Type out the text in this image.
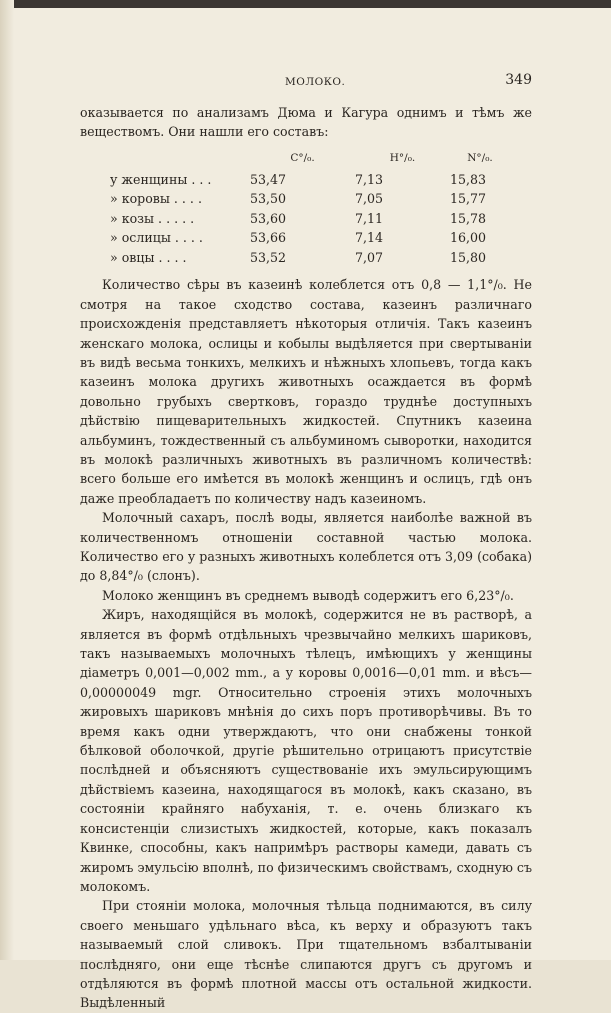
МОЛОКО.	349

оказывается по анализамъ Дюма и Кагура однимъ и тѣмъ же веществомъ. Они нашли его составъ:

	C°/₀.	H°/₀.	N°/₀.
у женщины . . .	53,47	7,13	15,83
» коровы . . . .	53,50	7,05	15,77
» козы . . . . .	53,60	7,11	15,78
» ослицы . . . .	53,66	7,14	16,00
» овцы . . . .	53,52	7,07	15,80

Количество сѣры въ казеинѣ колеблется отъ 0,8 — 1,1°/₀. Не смотря на такое сходство состава, казеинъ различнаго происхожденія представляетъ нѣкоторыя отличія. Такъ казеинъ женскаго молока, ослицы и кобылы выдѣляется при свертываніи въ видѣ весьма тонкихъ, мелкихъ и нѣжныхъ хлопьевъ, тогда какъ казеинъ молока другихъ животныхъ осаждается въ формѣ довольно грубыхъ свертковъ, гораздо труднѣе доступныхъ дѣйствію пищеварительныхъ жидкостей. Спутникъ казеина альбуминъ, тождественный съ альбуминомъ сыворотки, находится въ молокѣ различныхъ животныхъ въ различномъ количествѣ: всего больше его имѣется въ молокѣ женщинъ и ослицъ, гдѣ онъ даже преобладаетъ по количеству надъ казеиномъ.

Молочный сахаръ, послѣ воды, является наиболѣе важной въ количественномъ отношеніи составной частью молока. Количество его у разныхъ животныхъ колеблется отъ 3,09 (собака) до 8,84°/₀ (слонъ).

Молоко женщинъ въ среднемъ выводѣ содержитъ его 6,23°/₀.

Жиръ, находящійся въ молокѣ, содержится не въ растворѣ, а является въ формѣ отдѣльныхъ чрезвычайно мелкихъ шариковъ, такъ называемыхъ молочныхъ тѣлецъ, имѣющихъ у женщины діаметръ 0,001—0,002 mm., а у коровы 0,0016—0,01 mm. и вѣсъ—0,00000049 mgr. Относительно строенія этихъ молочныхъ жировыхъ шариковъ мнѣнія до сихъ поръ противорѣчивы. Въ то время какъ одни утверждаютъ, что они снабжены тонкой бѣлковой оболочкой, другіе рѣшительно отрицаютъ присутствіе послѣдней и объясняютъ существованіе ихъ эмульсирующимъ дѣйствіемъ казеина, находящагося въ молокѣ, какъ сказано, въ состояніи крайняго набуханія, т. е. очень близкаго къ консистенціи слизистыхъ жидкостей, которые, какъ показалъ Квинке, способны, какъ напримѣръ растворы камеди, давать съ жиромъ эмульсію вполнѣ, по физическимъ свойствамъ, сходную съ молокомъ.

При стояніи молока, молочныя тѣльца поднимаются, въ силу своего меньшаго удѣльнаго вѣса, къ верху и образуютъ такъ называемый слой сливокъ. При тщательномъ взбалтываніи послѣдняго, они еще тѣснѣе слипаются другъ съ другомъ и отдѣляются въ формѣ плотной массы отъ остальной жидкости. Выдѣленный
